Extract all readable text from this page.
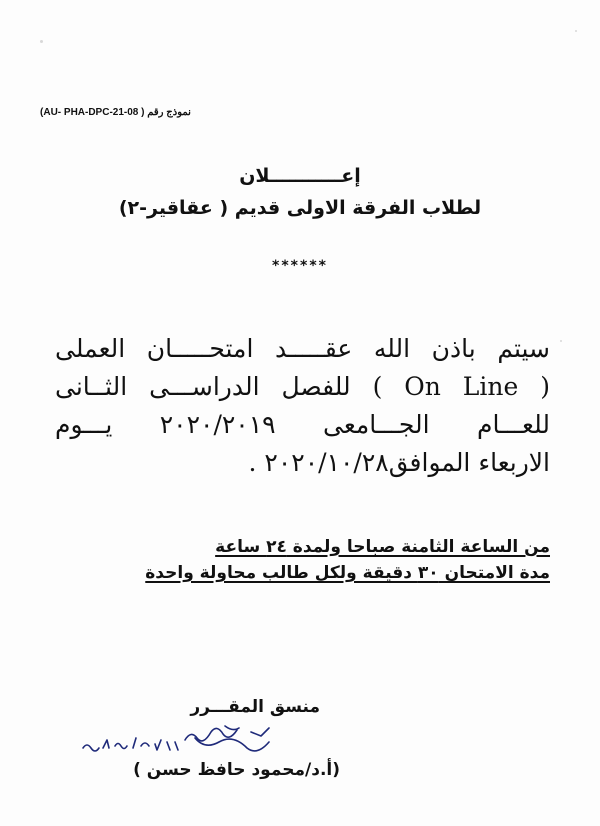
نموذج رقم ( AU- PHA-DPC-21-08)
إعـــــــــــلان
لطلاب الفرقة الاولى قديم ( عقاقير-٢)
******
سيتم باذن الله عقـــــد امتحـــــان العملى
( On Line ) للفصل الدراســـى الثــانى
للعـــام الجـــامعى ٢٠٢٠/٢٠١٩ يـــوم
الاربعاء الموافق٢٠٢٠/١٠/٢٨ .
من الساعة الثامنة صباحا ولمدة ٢٤ ساعة
مدة الامتحان ٣٠ دقيقة ولكل طالب محاولة واحدة
منسق المقـــرر
(أ.د/محمود حافظ حسن )
